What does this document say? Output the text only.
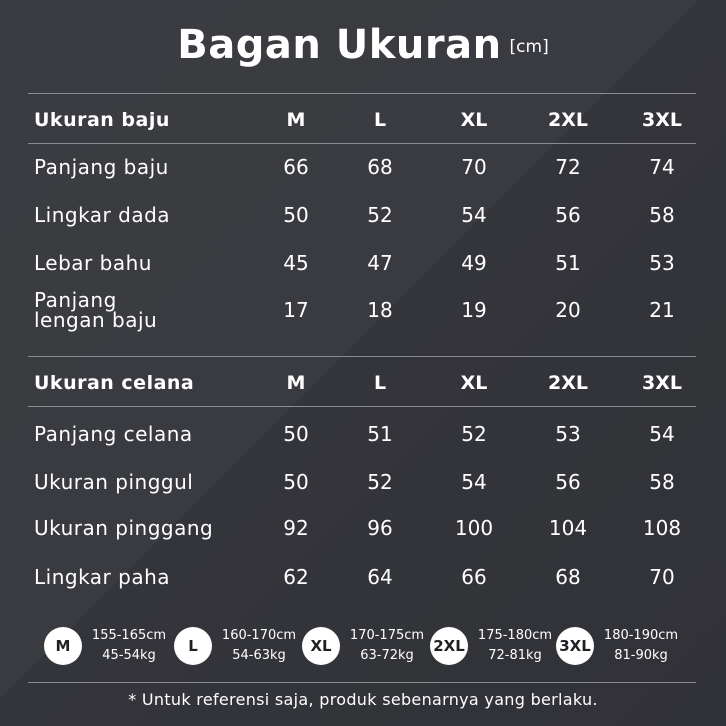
Bagan Ukuran [cm]
Ukuran baju	M	L	XL	2XL	3XL
Panjang baju	66	68	70	72	74
Lingkar dada	50	52	54	56	58
Lebar bahu	45	47	49	51	53
Panjang
lengan baju	17	18	19	20	21
Ukuran celana	M	L	XL	2XL	3XL
Panjang celana	50	51	52	53	54
Ukuran pinggul	50	52	54	56	58
Ukuran pinggang	92	96	100	104	108
Lingkar paha	62	64	66	68	70
M
155-165cm
45-54kg
L
160-170cm
54-63kg
XL
170-175cm
63-72kg
2XL
175-180cm
72-81kg
3XL
180-190cm
81-90kg
* Untuk referensi saja, produk sebenarnya yang berlaku.
